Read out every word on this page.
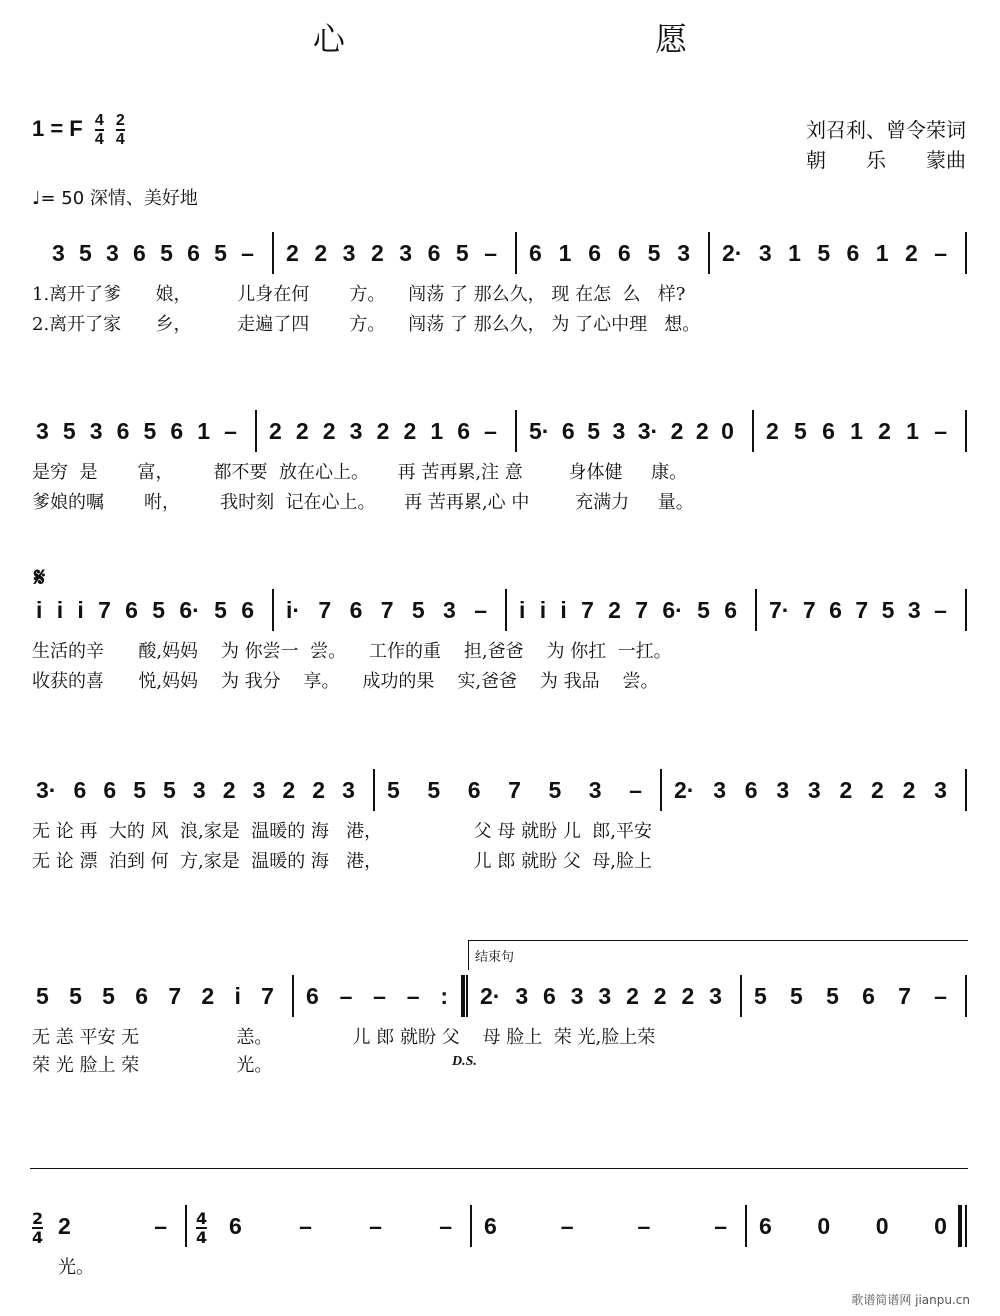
心 愿
1 = F $\frac{4}{4}$
$\frac{2}{4}$	刘召利、曾令荣词
朝　　乐　　蒙曲
♩= 50 深情、美好地
𝄋
结束句
D.S.
2
4
4
4
歌谱简谱网 jianpu.cn
3 5 3 6 5 6 5 – 2 2 3 2 3 6 5 – 6 1 6 6 5 3 2· 3 1 5 6 1 2 –
1.离开了爹      娘，        儿身在何       方。    闯荡 了 那么久， 现 在怎  么   样?
2.离开了家      乡，        走遍了四       方。    闯荡 了 那么久， 为 了心中理   想。
3 5 3 6 5 6 1 – 2 2 2 3 2 2 1 6 – 5· 6 5 3 3· 2 2 0 2 5 6 1 2 1 –
是穷  是       富，       都不要  放在心上。     再 苦再累,注 意        身体健     康。
爹娘的嘱       咐，       我时刻  记在心上。     再 苦再累,心 中        充满力     量。
i i i 7 6 5 6· 5 6 i· 7 6 7 5 3 – i i i 7 2 7 6· 5 6 7· 7 6 7 5 3 –
生活的辛      酸,妈妈    为 你尝一  尝。    工作的重    担,爸爸    为 你扛  一扛。
收获的喜      悦,妈妈    为 我分    享。    成功的果    实,爸爸    为 我品    尝。
3· 6 6 5 5 3 2 3 2 2 3 5 5 6 7 5 3 – 2· 3 6 3 3 2 2 2 3
无 论 再  大的 风  浪,家是  温暖的 海   港，                父 母 就盼 儿  郎,平安
无 论 漂  泊到 何  方,家是  温暖的 海   港，                儿 郎 就盼 父  母,脸上
5 5 5 6 7 2 i 7 6 – – – : 2· 3 6 3 3 2 2 2 3 5 5 5 6 7 –
无 恙 平安 无                 恙。              儿 郎 就盼 父    母 脸上  荣 光,脸上荣
荣 光 脸上 荣                 光。
2	–	6 – – – 6	–	–	– 6 0 0 0
光。
